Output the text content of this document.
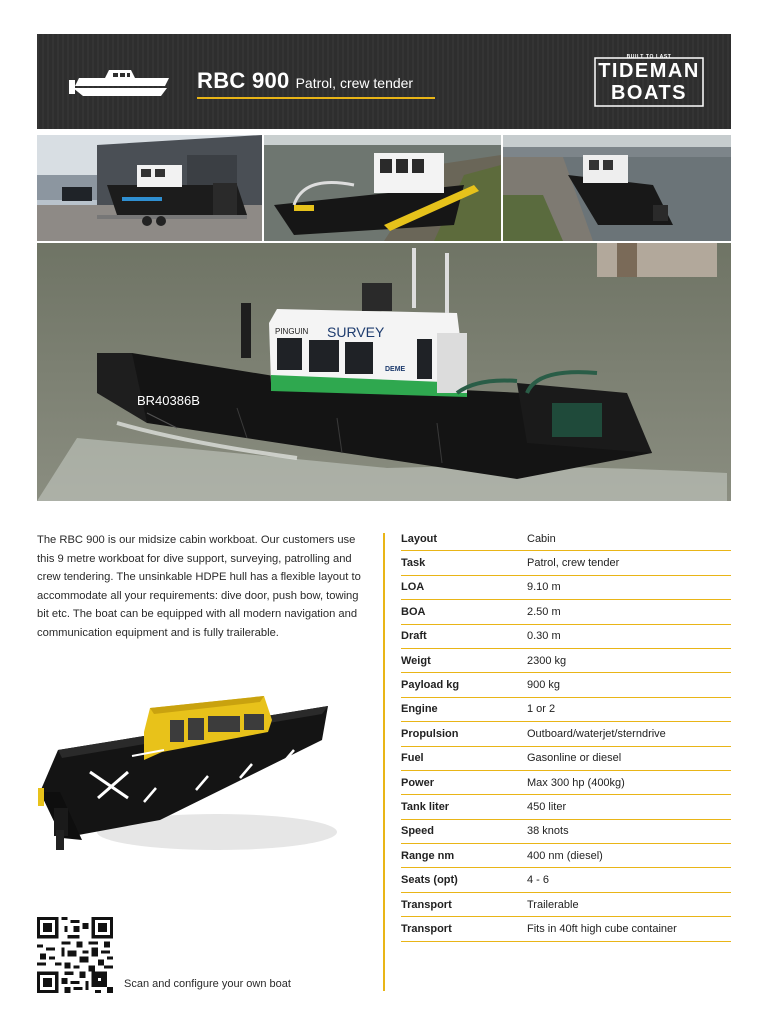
RBC 900 Patrol, crew tender
BUILT TO LAST
TIDEMAN
BOATS
PINGUIN SURVEY
DEME
BR40386B
The RBC 900 is our midsize cabin workboat. Our customers use this 9 metre workboat for dive support, surveying, patrolling and crew tendering. The unsinkable HDPE hull has a flexible layout to accommodate all your requirements: dive door, push bow, towing bit etc. The boat can be equipped with all modern navigation and communication equipment and is fully trailerable.
Scan and configure your own boat
Layout	Cabin
Task	Patrol, crew tender
LOA	9.10 m
BOA	2.50 m
Draft	0.30 m
Weigt	2300 kg
Payload kg	900 kg
Engine	1 or 2
Propulsion	Outboard/waterjet/sterndrive
Fuel	Gasonline or diesel
Power	Max 300 hp (400kg)
Tank liter	450 liter
Speed	38 knots
Range nm	400 nm (diesel)
Seats (opt)	4 - 6
Transport	Trailerable
Transport	Fits in 40ft high cube container
